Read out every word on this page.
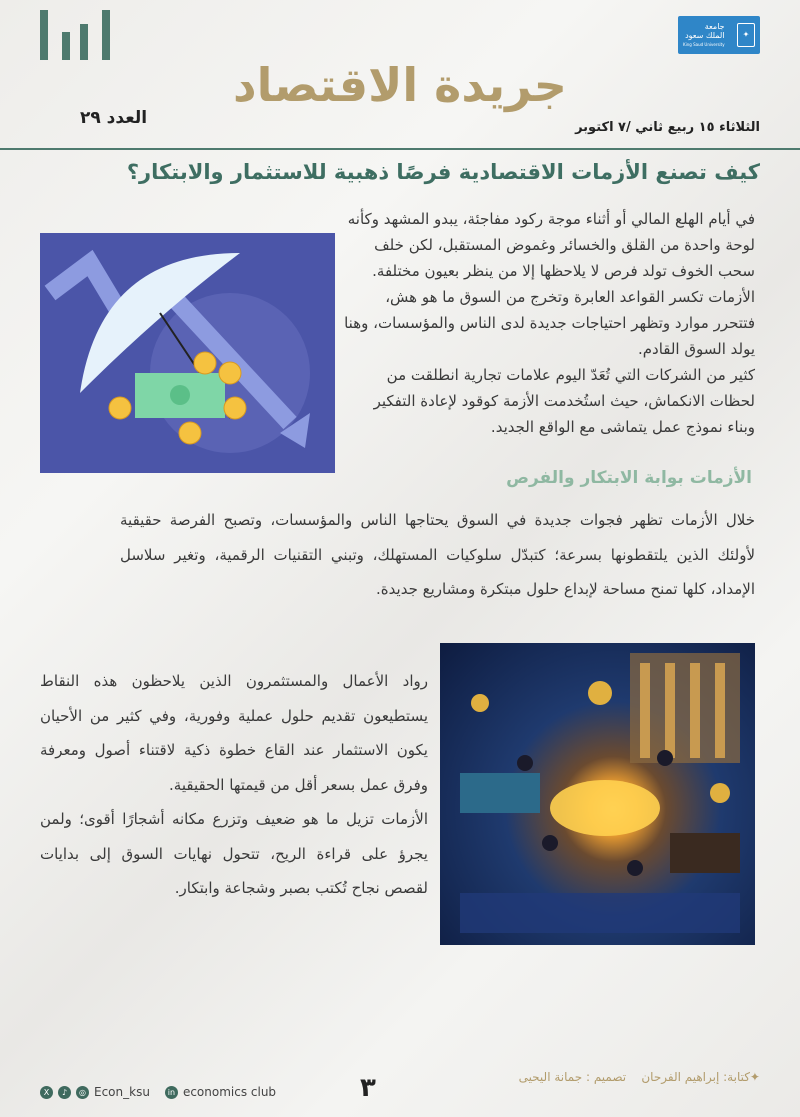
جامعة
الملك سعود
King Saud University
✦
جريدة الاقتصاد
الثلاثاء ١٥ ربيع ثاني /٧ اكتوبر
العدد ٢٩
كيف تصنع الأزمات الاقتصادية فرصًا ذهبية للاستثمار والابتكار؟
في أيام الهلع المالي أو أثناء موجة ركود مفاجئة، يبدو المشهد وكأنه لوحة واحدة من القلق والخسائر وغموض المستقبل، لكن خلف سحب الخوف تولد فرص لا يلاحظها إلا من ينظر بعيون مختلفة.
الأزمات تكسر القواعد العابرة وتخرج من السوق ما هو هش، فتتحرر موارد وتظهر احتياجات جديدة لدى الناس والمؤسسات، وهنا يولد السوق القادم.
كثير من الشركات التي تُعَدّ اليوم علامات تجارية انطلقت من لحظات الانكماش، حيث استُخدمت الأزمة كوقود لإعادة التفكير وبناء نموذج عمل يتماشى مع الواقع الجديد.
الأزمات بوابة الابتكار والفرص
خلال الأزمات تظهر فجوات جديدة في السوق يحتاجها الناس والمؤسسات، وتصبح الفرصة حقيقية لأولئك الذين يلتقطونها بسرعة؛ كتبدّل سلوكيات المستهلك، وتبني التقنيات الرقمية، وتغير سلاسل الإمداد، كلها تمنح مساحة لإبداع حلول مبتكرة ومشاريع جديدة.
رواد الأعمال والمستثمرون الذين يلاحظون هذه النقاط يستطيعون تقديم حلول عملية وفورية، وفي كثير من الأحيان يكون الاستثمار عند القاع خطوة ذكية لاقتناء أصول ومعرفة وفرق عمل بسعر أقل من قيمتها الحقيقية.
الأزمات تزيل ما هو ضعيف وتزرع مكانه أشجارًا أقوى؛ ولمن يجرؤ على قراءة الريح، تتحول نهايات السوق إلى بدايات لقصص نجاح تُكتب بصبر وشجاعة وابتكار.
X	♪	◎ Econ_ksu	in economics club	٣	✦كتابة: إبراهيم الفرحان    تصميم : جمانة اليحيى
